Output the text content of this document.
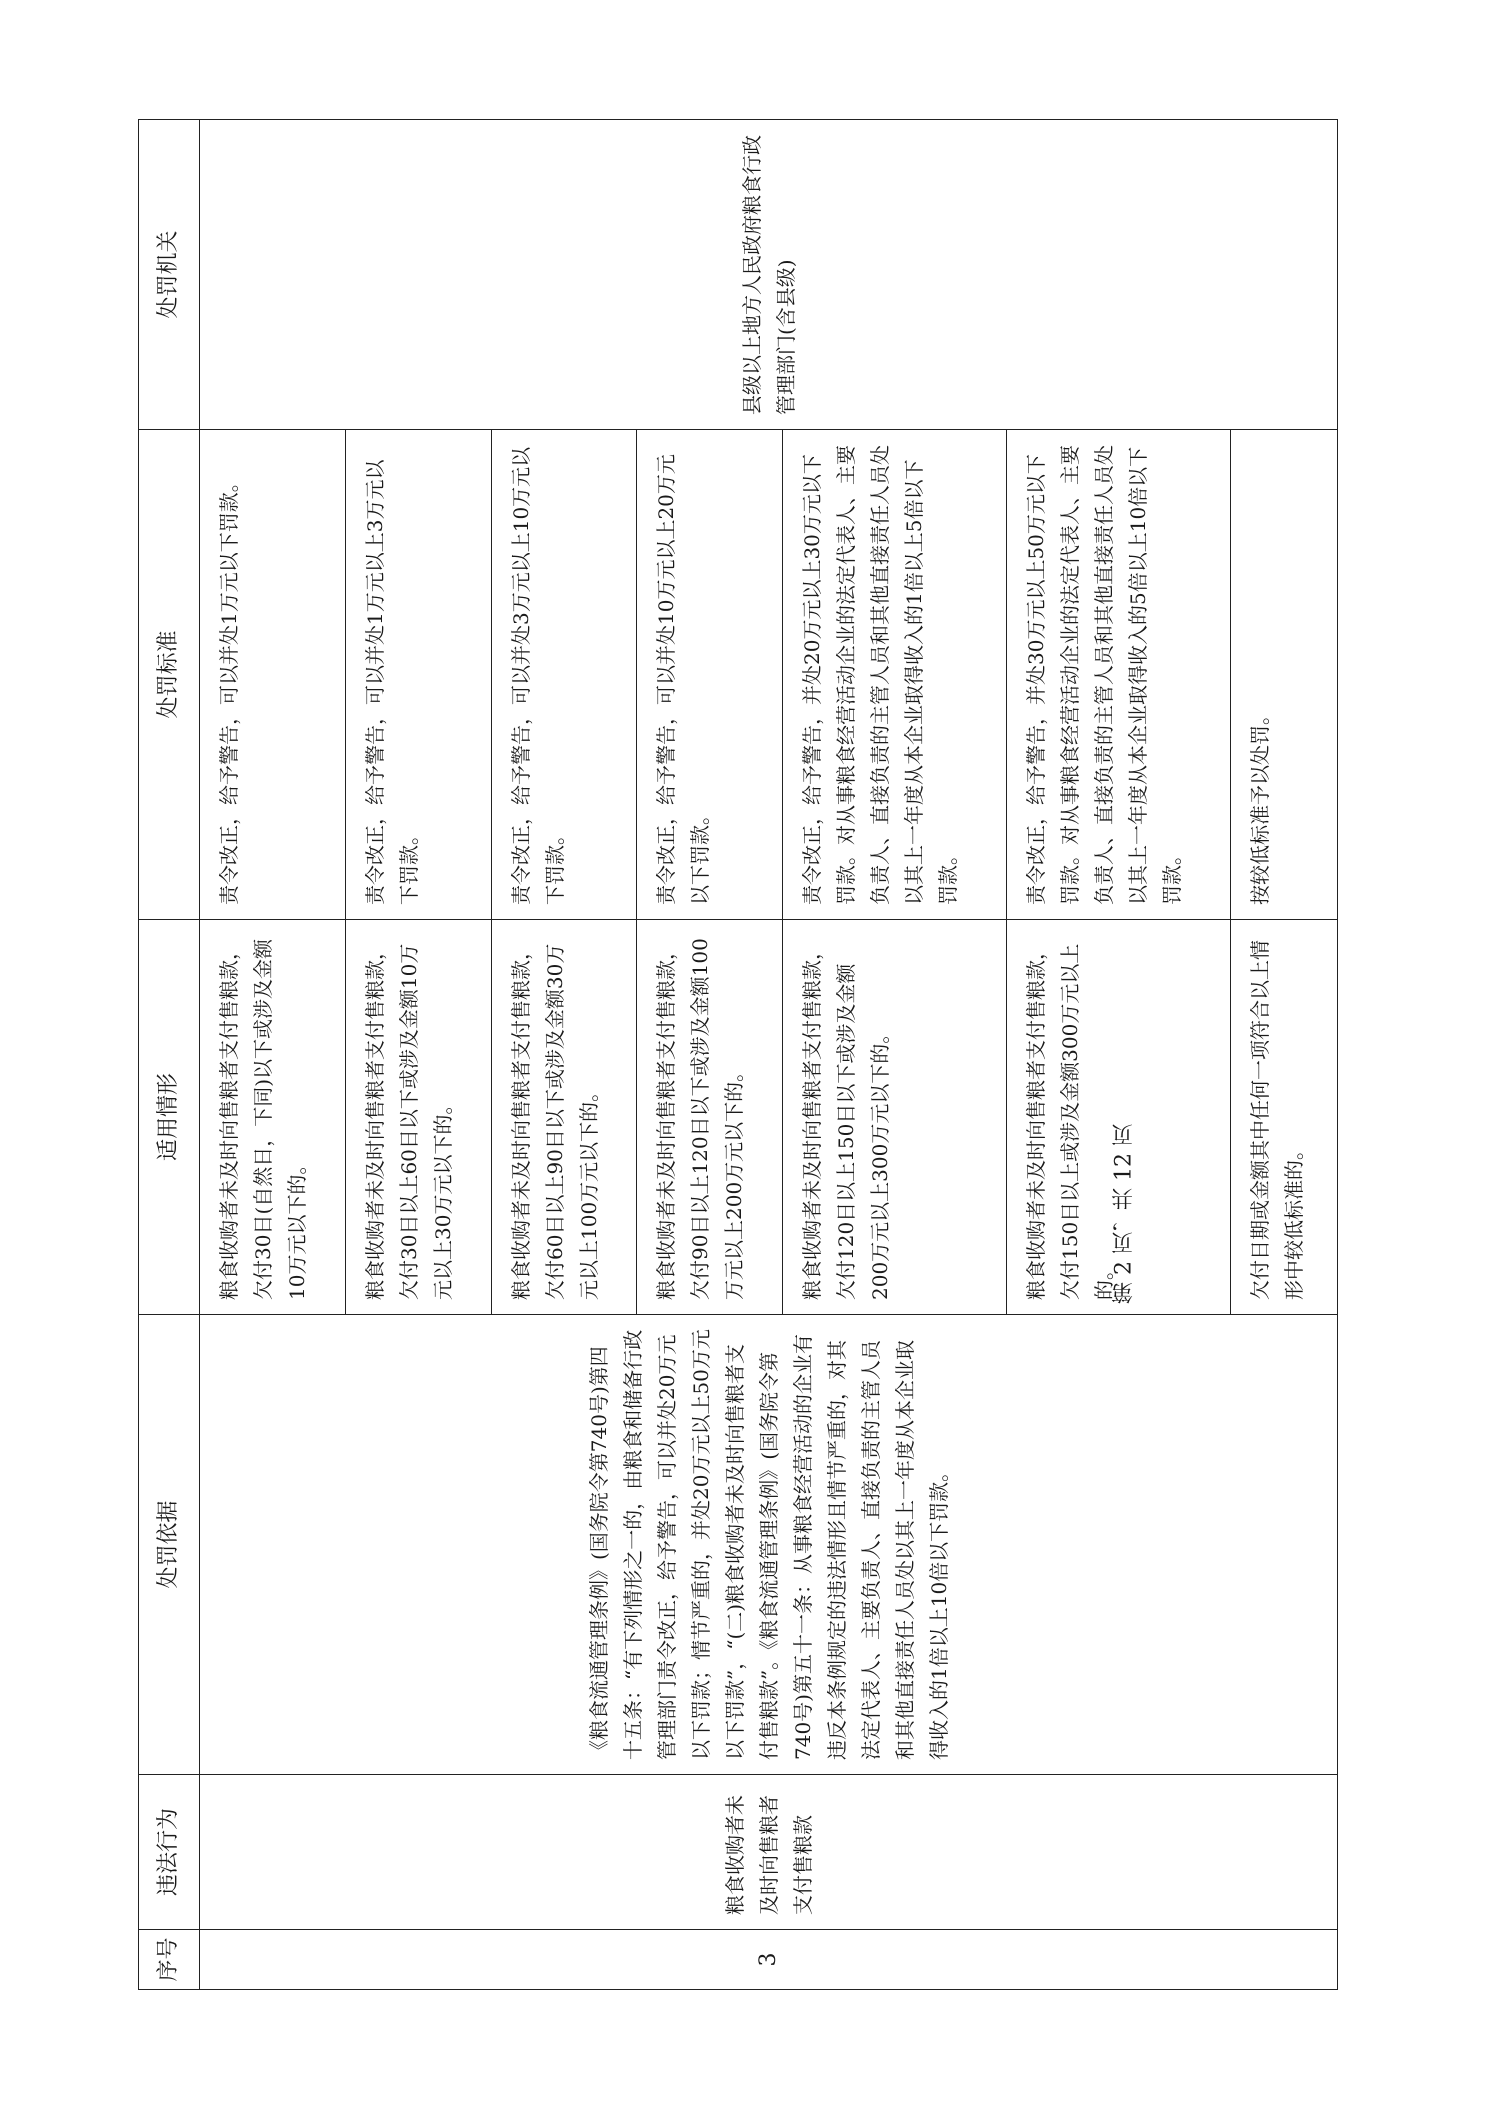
序号	违法行为	处罚依据	适用情形	处罚标准	处罚机关
3	粮食收购者未及时向售粮者支付售粮款	《粮食流通管理条例》(国务院令第740号)第四十五条：“有下列情形之一的，由粮食和储备行政管理部门责令改正，给予警告，可以并处20万元以下罚款；情节严重的，并处20万元以上50万元以下罚款”，“(二)粮食收购者未及时向售粮者支付售粮款”。《粮食流通管理条例》(国务院令第740号)第五十一条：从事粮食经营活动的企业有违反本条例规定的违法情形且情节严重的，对其法定代表人、主要负责人、直接负责的主管人员和其他直接责任人员处以其上一年度从本企业取得收入的1倍以上10倍以下罚款。	粮食收购者未及时向售粮者支付售粮款，欠付30日(自然日，下同)以下或涉及金额10万元以下的。	责令改正，给予警告，可以并处1万元以下罚款。	县级以上地方人民政府粮食行政管理部门(含县级)
			粮食收购者未及时向售粮者支付售粮款，欠付30日以上60日以下或涉及金额10万元以上30万元以下的。	责令改正，给予警告，可以并处1万元以上3万元以下罚款。	
			粮食收购者未及时向售粮者支付售粮款，欠付60日以上90日以下或涉及金额30万元以上100万元以下的。	责令改正，给予警告，可以并处3万元以上10万元以下罚款。	
			粮食收购者未及时向售粮者支付售粮款，欠付90日以上120日以下或涉及金额100万元以上200万元以下的。	责令改正，给予警告，可以并处10万元以上20万元以下罚款。	
			粮食收购者未及时向售粮者支付售粮款，欠付120日以上150日以下或涉及金额200万元以上300万元以下的。	责令改正，给予警告，并处20万元以上30万元以下罚款。对从事粮食经营活动企业的法定代表人、主要负责人、直接负责的主管人员和其他直接责任人员处以其上一年度从本企业取得收入的1倍以上5倍以下罚款。	
			粮食收购者未及时向售粮者支付售粮款，欠付150日以上或涉及金额300万元以上的。	责令改正，给予警告，并处30万元以上50万元以下罚款。对从事粮食经营活动企业的法定代表人、主要负责人、直接负责的主管人员和其他直接责任人员处以其上一年度从本企业取得收入的5倍以上10倍以下罚款。	
			欠付日期或金额其中任何一项符合以上情形中较低标准的。	按较低标准予以处罚。	
第 2 页，共 12 页
